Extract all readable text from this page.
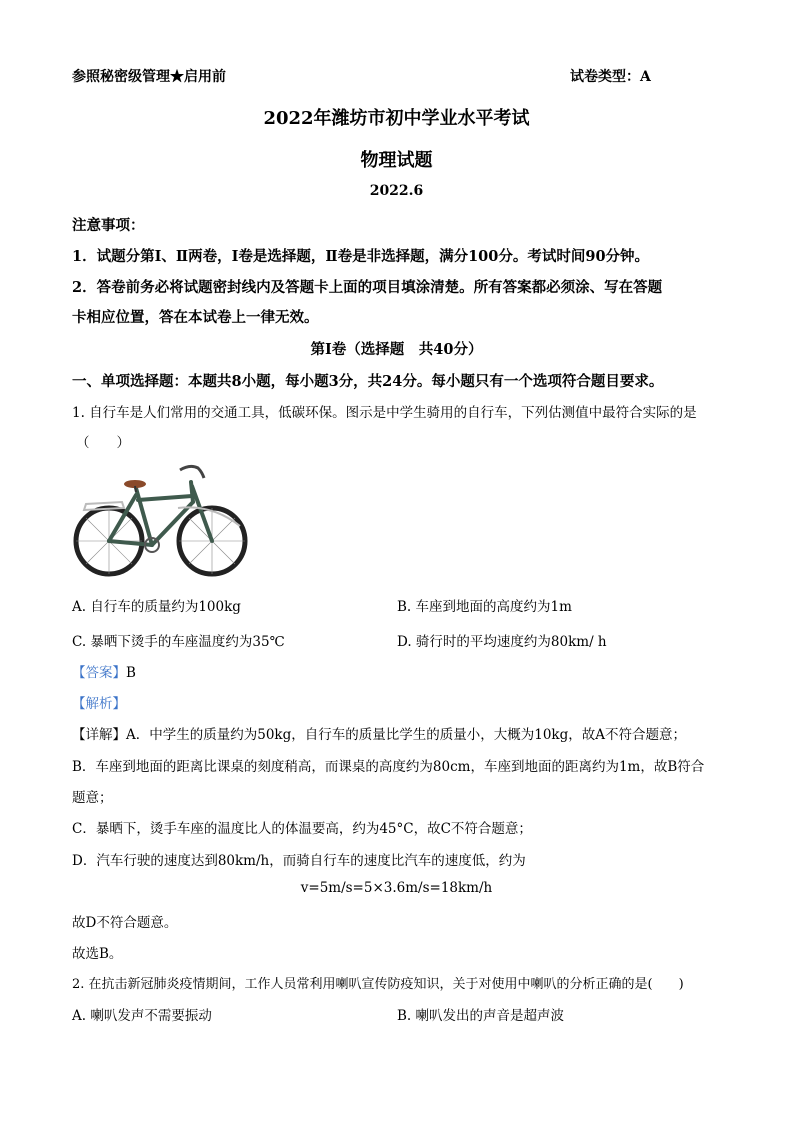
参照秘密级管理★启用前	试卷类型：A
2022年潍坊市初中学业水平考试
物理试题
2022.6
注意事项：
1．试题分第Ⅰ、Ⅱ两卷，Ⅰ卷是选择题，Ⅱ卷是非选择题，满分100分。考试时间90分钟。
2．答卷前务必将试题密封线内及答题卡上面的项目填涂清楚。所有答案都必须涂、写在答题
卡相应位置，答在本试卷上一律无效。
第Ⅰ卷（选择题　共40分）
一、单项选择题：本题共8小题，每小题3分，共24分。每小题只有一个选项符合题目要求。
1. 自行车是人们常用的交通工具，低碳环保。图示是中学生骑用的自行车，下列估测值中最符合实际的是
（　　）
A. 自行车的质量约为100kg	B. 车座到地面的高度约为1m
C. 暴晒下烫手的车座温度约为35℃	D. 骑行时的平均速度约为80km/ h
【答案】B
【解析】
【详解】A．中学生的质量约为50kg，自行车的质量比学生的质量小，大概为10kg，故A不符合题意；
B．车座到地面的距离比课桌的刻度稍高，而课桌的高度约为80cm，车座到地面的距离约为1m，故B符合
题意；
C．暴晒下，烫手车座的温度比人的体温要高，约为45°C，故C不符合题意；
D．汽车行驶的速度达到80km/h，而骑自行车的速度比汽车的速度低，约为
v=5m/s=5×3.6m/s=18km/h
故D不符合题意。
故选B。
2. 在抗击新冠肺炎疫情期间，工作人员常利用喇叭宣传防疫知识，关于对使用中喇叭的分析正确的是(　　)
A. 喇叭发声不需要振动	B. 喇叭发出的声音是超声波
